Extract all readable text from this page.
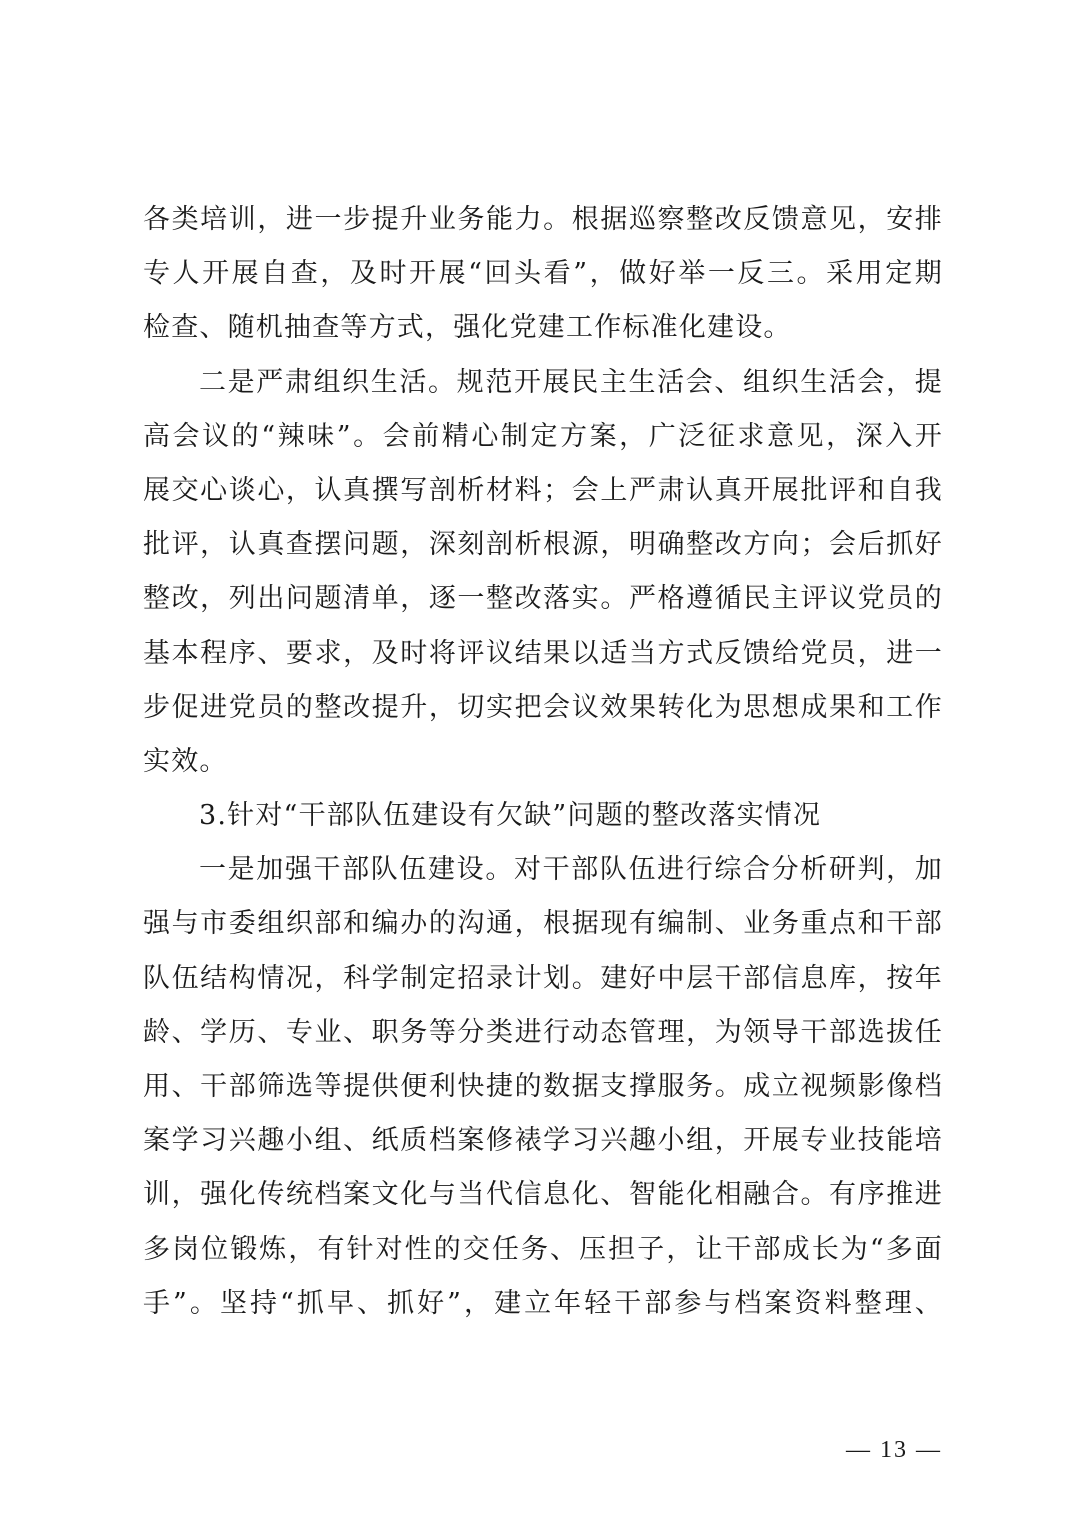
各类培训，进一步提升业务能力。根据巡察整改反馈意见，安排
专人开展自查，及时开展“回头看”，做好举一反三。采用定期
检查、随机抽查等方式，强化党建工作标准化建设。
二是严肃组织生活。规范开展民主生活会、组织生活会，提
高会议的“辣味”。会前精心制定方案，广泛征求意见，深入开
展交心谈心，认真撰写剖析材料；会上严肃认真开展批评和自我
批评，认真查摆问题，深刻剖析根源，明确整改方向；会后抓好
整改，列出问题清单，逐一整改落实。严格遵循民主评议党员的
基本程序、要求，及时将评议结果以适当方式反馈给党员，进一
步促进党员的整改提升，切实把会议效果转化为思想成果和工作
实效。
3.针对“干部队伍建设有欠缺”问题的整改落实情况
一是加强干部队伍建设。对干部队伍进行综合分析研判，加
强与市委组织部和编办的沟通，根据现有编制、业务重点和干部
队伍结构情况，科学制定招录计划。建好中层干部信息库，按年
龄、学历、专业、职务等分类进行动态管理，为领导干部选拔任
用、干部筛选等提供便利快捷的数据支撑服务。成立视频影像档
案学习兴趣小组、纸质档案修裱学习兴趣小组，开展专业技能培
训，强化传统档案文化与当代信息化、智能化相融合。有序推进
多岗位锻炼，有针对性的交任务、压担子，让干部成长为“多面
手”。坚持“抓早、抓好”，建立年轻干部参与档案资料整理、
— 13 —
